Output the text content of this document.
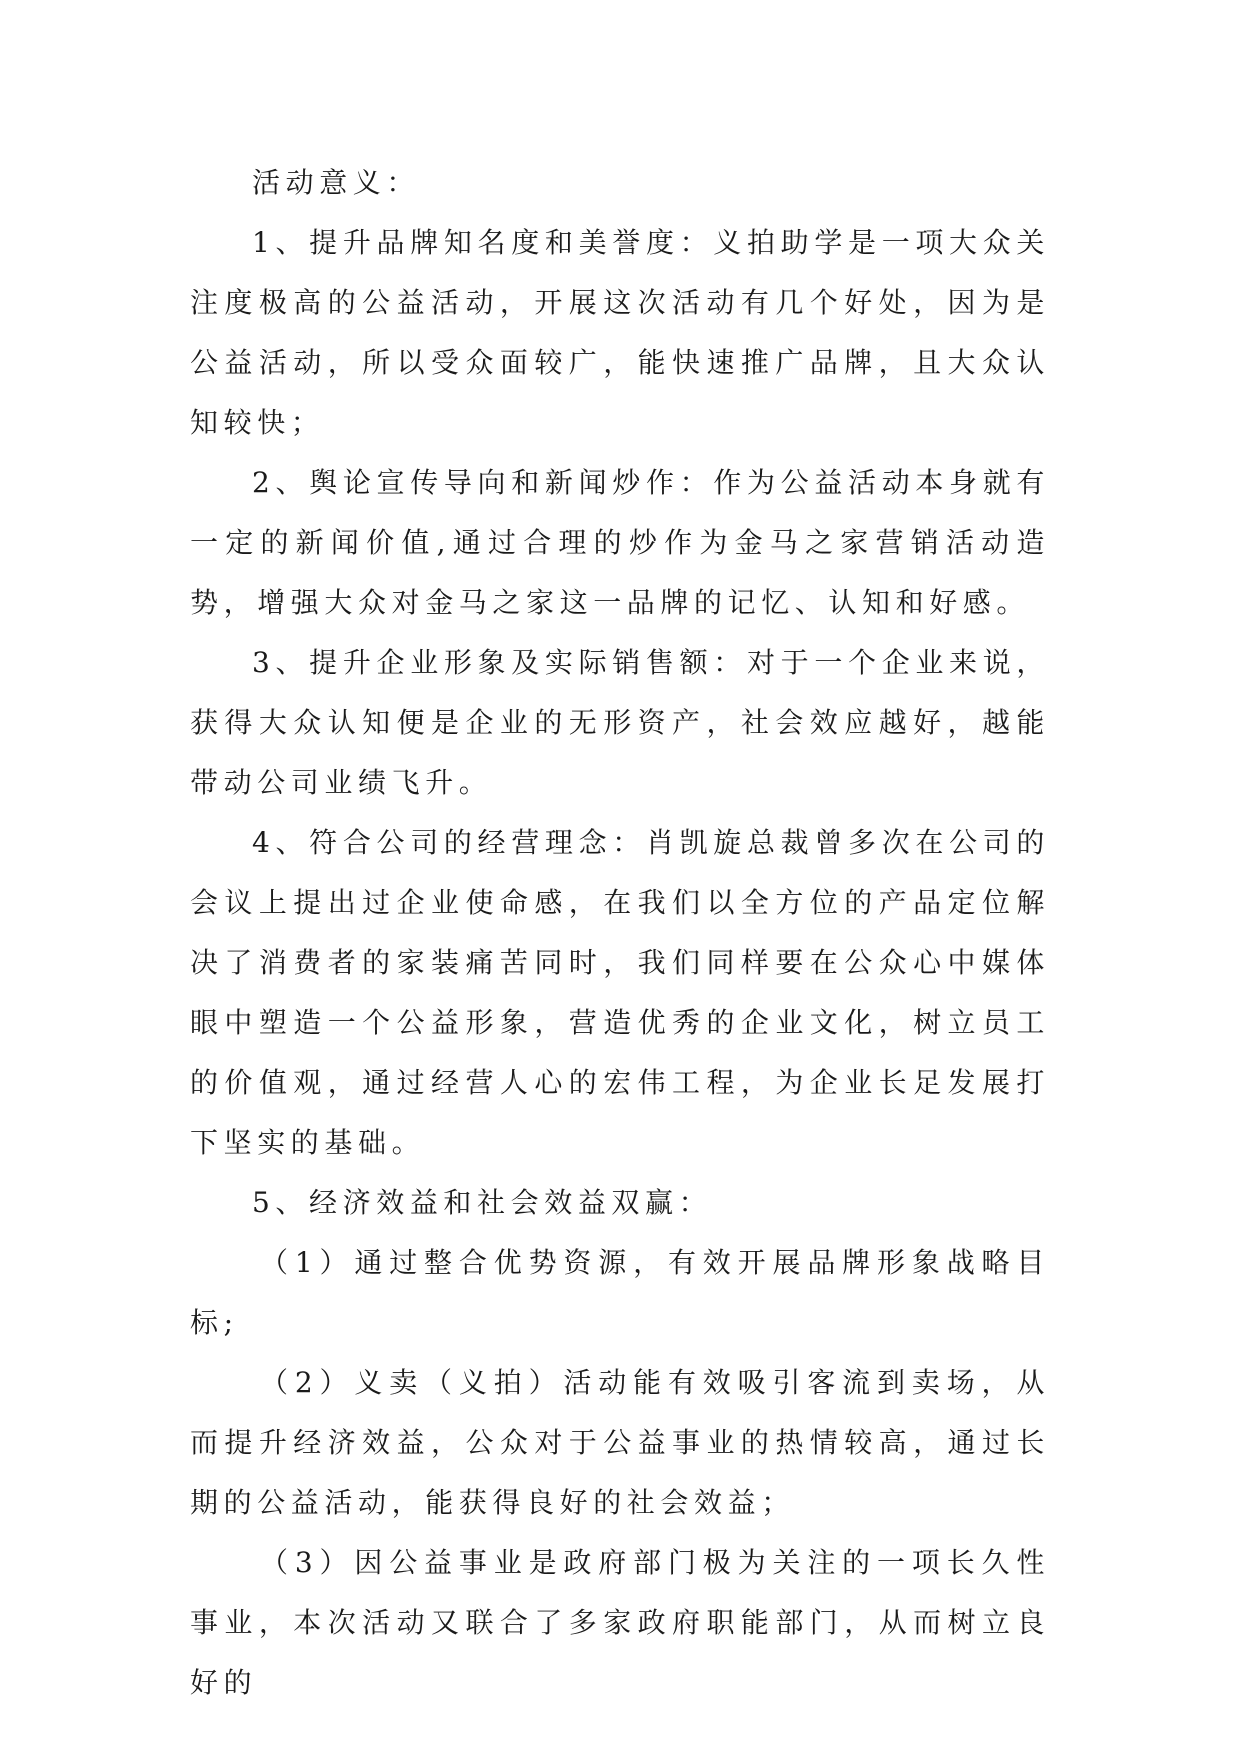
活动意义：

1、提升品牌知名度和美誉度：义拍助学是一项大众关注度极高的公益活动，开展这次活动有几个好处，因为是公益活动，所以受众面较广，能快速推广品牌，且大众认知较快；

2、舆论宣传导向和新闻炒作：作为公益活动本身就有一定的新闻价值,通过合理的炒作为金马之家营销活动造势，增强大众对金马之家这一品牌的记忆、认知和好感。

3、提升企业形象及实际销售额：对于一个企业来说，获得大众认知便是企业的无形资产，社会效应越好，越能带动公司业绩飞升。

4、符合公司的经营理念：肖凯旋总裁曾多次在公司的会议上提出过企业使命感，在我们以全方位的产品定位解决了消费者的家装痛苦同时，我们同样要在公众心中媒体眼中塑造一个公益形象，营造优秀的企业文化，树立员工的价值观，通过经营人心的宏伟工程，为企业长足发展打下坚实的基础。

5、经济效益和社会效益双赢：

（1）通过整合优势资源，有效开展品牌形象战略目标;

（2）义卖（义拍）活动能有效吸引客流到卖场，从而提升经济效益，公众对于公益事业的热情较高，通过长期的公益活动，能获得良好的社会效益；

（3）因公益事业是政府部门极为关注的一项长久性事业，本次活动又联合了多家政府职能部门，从而树立良好的
